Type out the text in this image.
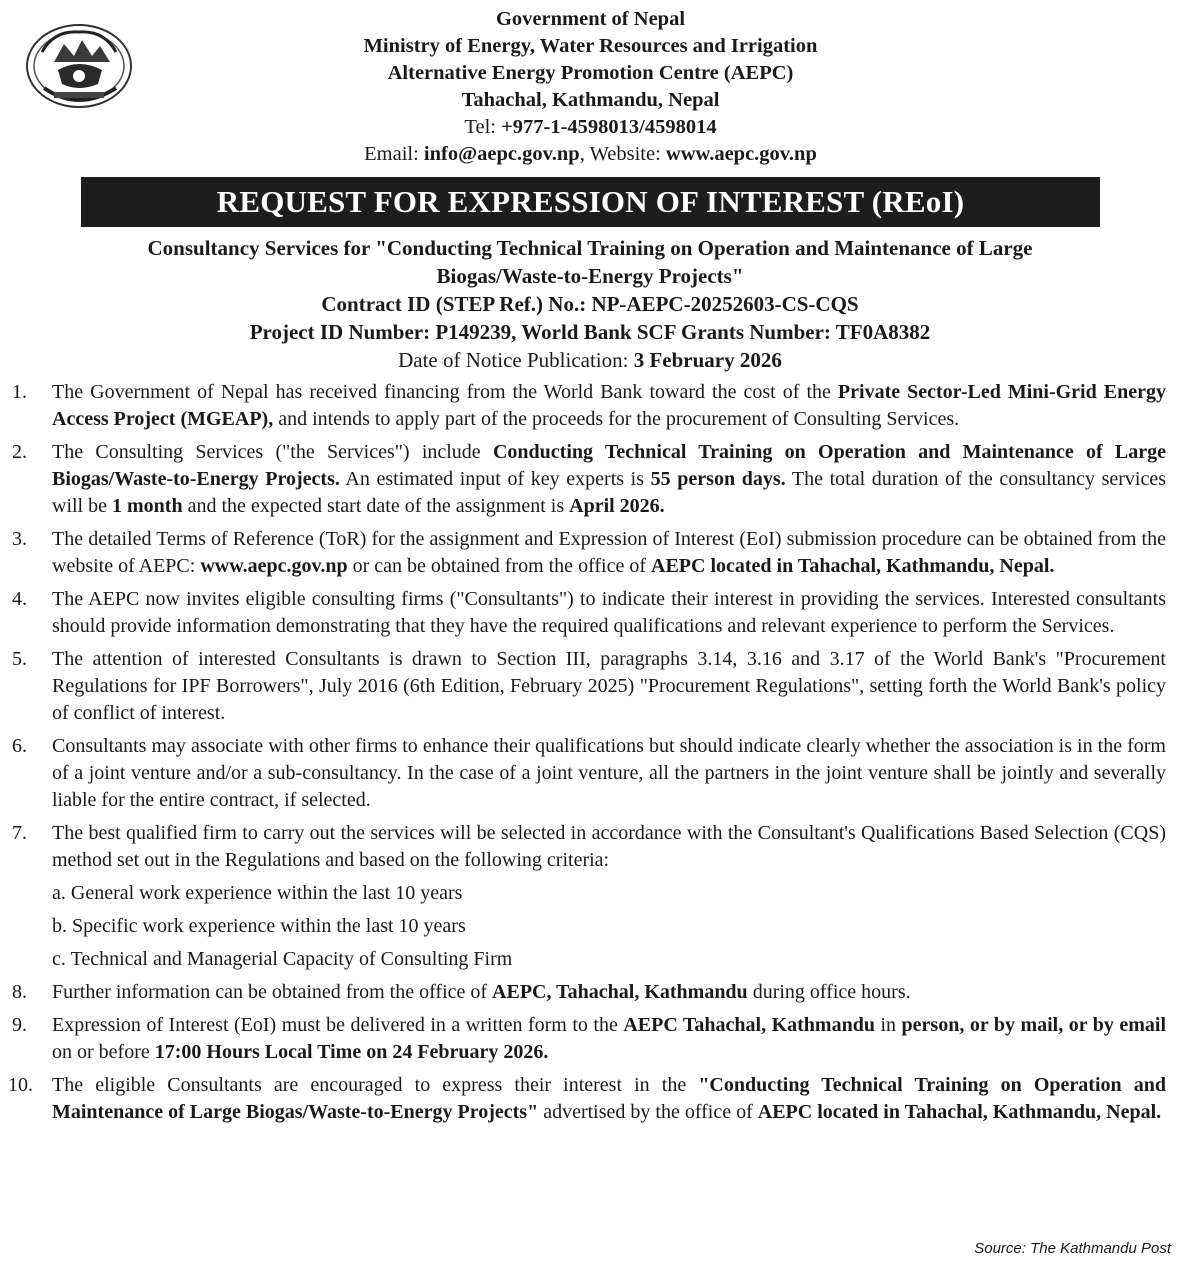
Government of Nepal
Ministry of Energy, Water Resources and Irrigation
Alternative Energy Promotion Centre (AEPC)
Tahachal, Kathmandu, Nepal
Tel: +977-1-4598013/4598014
Email: info@aepc.gov.np, Website: www.aepc.gov.np
REQUEST FOR EXPRESSION OF INTEREST (REoI)
Consultancy Services for "Conducting Technical Training on Operation and Maintenance of Large
Biogas/Waste-to-Energy Projects"
Contract ID (STEP Ref.) No.: NP-AEPC-20252603-CS-CQS
Project ID Number: P149239, World Bank SCF Grants Number: TF0A8382
Date of Notice Publication: 3 February 2026
1. The Government of Nepal has received financing from the World Bank toward the cost of the Private Sector-Led Mini-Grid Energy Access Project (MGEAP), and intends to apply part of the proceeds for the procurement of Consulting Services.
2. The Consulting Services ("the Services") include Conducting Technical Training on Operation and Maintenance of Large Biogas/Waste-to-Energy Projects. An estimated input of key experts is 55 person days. The total duration of the consultancy services will be 1 month and the expected start date of the assignment is April 2026.
3. The detailed Terms of Reference (ToR) for the assignment and Expression of Interest (EoI) submission procedure can be obtained from the website of AEPC: www.aepc.gov.np or can be obtained from the office of AEPC located in Tahachal, Kathmandu, Nepal.
4. The AEPC now invites eligible consulting firms ("Consultants") to indicate their interest in providing the services. Interested consultants should provide information demonstrating that they have the required qualifications and relevant experience to perform the Services.
5. The attention of interested Consultants is drawn to Section III, paragraphs 3.14, 3.16 and 3.17 of the World Bank's "Procurement Regulations for IPF Borrowers", July 2016 (6th Edition, February 2025) "Procurement Regulations", setting forth the World Bank's policy of conflict of interest.
6. Consultants may associate with other firms to enhance their qualifications but should indicate clearly whether the association is in the form of a joint venture and/or a sub-consultancy. In the case of a joint venture, all the partners in the joint venture shall be jointly and severally liable for the entire contract, if selected.
7. The best qualified firm to carry out the services will be selected in accordance with the Consultant's Qualifications Based Selection (CQS) method set out in the Regulations and based on the following criteria:
a. General work experience within the last 10 years
b. Specific work experience within the last 10 years
c. Technical and Managerial Capacity of Consulting Firm
8. Further information can be obtained from the office of AEPC, Tahachal, Kathmandu during office hours.
9. Expression of Interest (EoI) must be delivered in a written form to the AEPC Tahachal, Kathmandu in person, or by mail, or by email on or before 17:00 Hours Local Time on 24 February 2026.
10. The eligible Consultants are encouraged to express their interest in the "Conducting Technical Training on Operation and Maintenance of Large Biogas/Waste-to-Energy Projects" advertised by the office of AEPC located in Tahachal, Kathmandu, Nepal.
Source: The Kathmandu Post
